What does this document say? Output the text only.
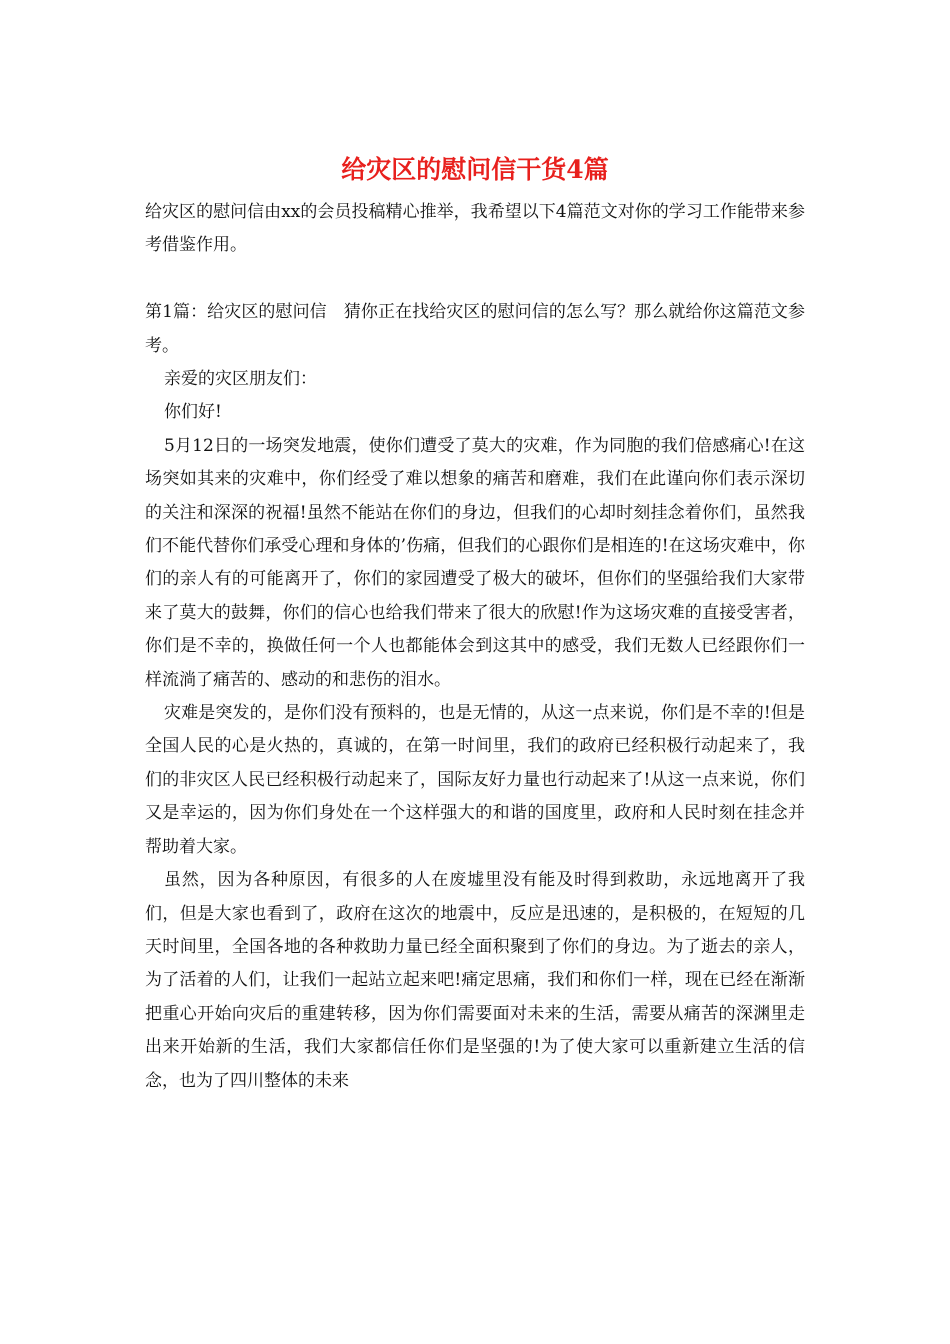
给灾区的慰问信干货4篇

给灾区的慰问信由xx的会员投稿精心推举，我希望以下4篇范文对你的学习工作能带来参考借鉴作用。

第1篇：给灾区的慰问信　猜你正在找给灾区的慰问信的怎么写？那么就给你这篇范文参考。

亲爱的灾区朋友们：

你们好!

5月12日的一场突发地震，使你们遭受了莫大的灾难，作为同胞的我们倍感痛心!在这场突如其来的灾难中，你们经受了难以想象的痛苦和磨难，我们在此谨向你们表示深切的关注和深深的祝福!虽然不能站在你们的身边，但我们的心却时刻挂念着你们，虽然我们不能代替你们承受心理和身体的’伤痛，但我们的心跟你们是相连的!在这场灾难中，你们的亲人有的可能离开了，你们的家园遭受了极大的破坏，但你们的坚强给我们大家带来了莫大的鼓舞，你们的信心也给我们带来了很大的欣慰!作为这场灾难的直接受害者，你们是不幸的，换做任何一个人也都能体会到这其中的感受，我们无数人已经跟你们一样流淌了痛苦的、感动的和悲伤的泪水。

灾难是突发的，是你们没有预料的，也是无情的，从这一点来说，你们是不幸的!但是全国人民的心是火热的，真诚的，在第一时间里，我们的政府已经积极行动起来了，我们的非灾区人民已经积极行动起来了，国际友好力量也行动起来了!从这一点来说，你们又是幸运的，因为你们身处在一个这样强大的和谐的国度里，政府和人民时刻在挂念并帮助着大家。

虽然，因为各种原因，有很多的人在废墟里没有能及时得到救助，永远地离开了我们，但是大家也看到了，政府在这次的地震中，反应是迅速的，是积极的，在短短的几天时间里，全国各地的各种救助力量已经全面积聚到了你们的身边。为了逝去的亲人，为了活着的人们，让我们一起站立起来吧!痛定思痛，我们和你们一样，现在已经在渐渐把重心开始向灾后的重建转移，因为你们需要面对未来的生活，需要从痛苦的深渊里走出来开始新的生活，我们大家都信任你们是坚强的!为了使大家可以重新建立生活的信念，也为了四川整体的未来
